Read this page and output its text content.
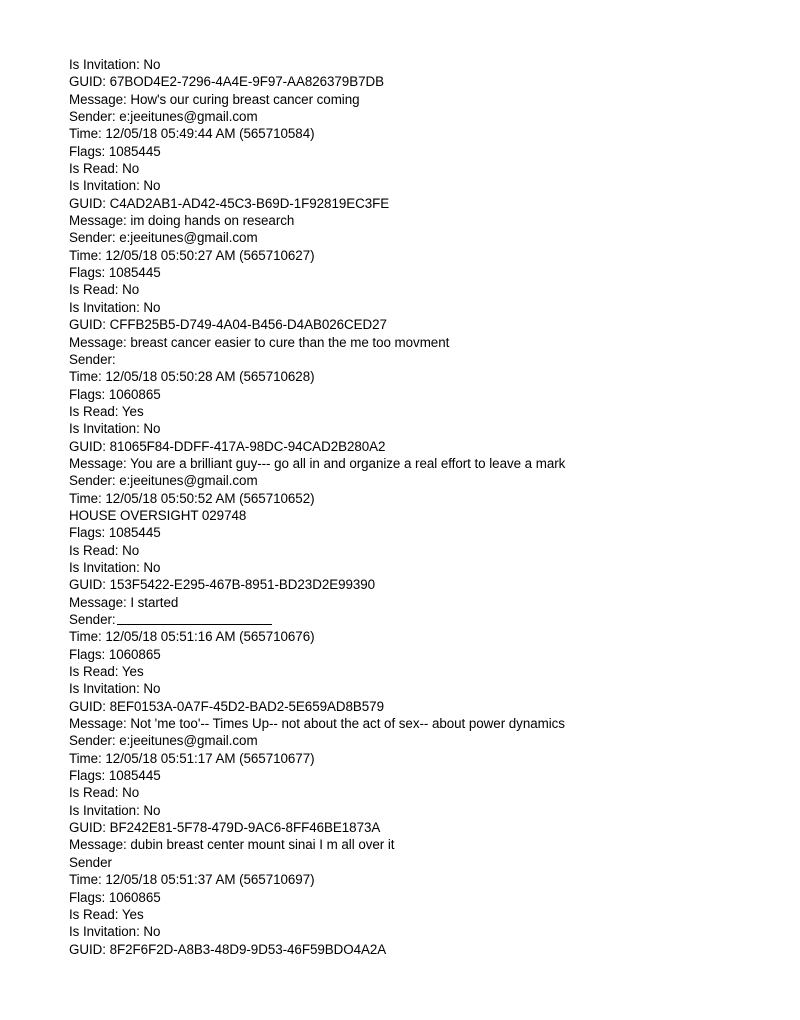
Is Invitation: No
GUID: 67BOD4E2-7296-4A4E-9F97-AA826379B7DB
Message: How's our curing breast cancer coming
Sender: e:jeeitunes@gmail.com
Time: 12/05/18 05:49:44 AM (565710584)
Flags: 1085445
Is Read: No
Is Invitation: No
GUID: C4AD2AB1-AD42-45C3-B69D-1F92819EC3FE
Message: im doing hands on research
Sender: e:jeeitunes@gmail.com
Time: 12/05/18 05:50:27 AM (565710627)
Flags: 1085445
Is Read: No
Is Invitation: No
GUID: CFFB25B5-D749-4A04-B456-D4AB026CED27
Message: breast cancer easier to cure than the me too movment
Sender:
Time: 12/05/18 05:50:28 AM (565710628)
Flags: 1060865
Is Read: Yes
Is Invitation: No
GUID: 81065F84-DDFF-417A-98DC-94CAD2B280A2
Message: You are a brilliant guy--- go all in and organize a real effort to leave a mark
Sender: e:jeeitunes@gmail.com
Time: 12/05/18 05:50:52 AM (565710652)
HOUSE OVERSIGHT 029748
Flags: 1085445
Is Read: No
Is Invitation: No
GUID: 153F5422-E295-467B-8951-BD23D2E99390
Message: I started
Sender:
Time: 12/05/18 05:51:16 AM (565710676)
Flags: 1060865
Is Read: Yes
Is Invitation: No
GUID: 8EF0153A-0A7F-45D2-BAD2-5E659AD8B579
Message: Not 'me too'-- Times Up-- not about the act of sex-- about power dynamics
Sender: e:jeeitunes@gmail.com
Time: 12/05/18 05:51:17 AM (565710677)
Flags: 1085445
Is Read: No
Is Invitation: No
GUID: BF242E81-5F78-479D-9AC6-8FF46BE1873A
Message: dubin breast center mount sinai I m all over it
Sender
Time: 12/05/18 05:51:37 AM (565710697)
Flags: 1060865
Is Read: Yes
Is Invitation: No
GUID: 8F2F6F2D-A8B3-48D9-9D53-46F59BDO4A2A
